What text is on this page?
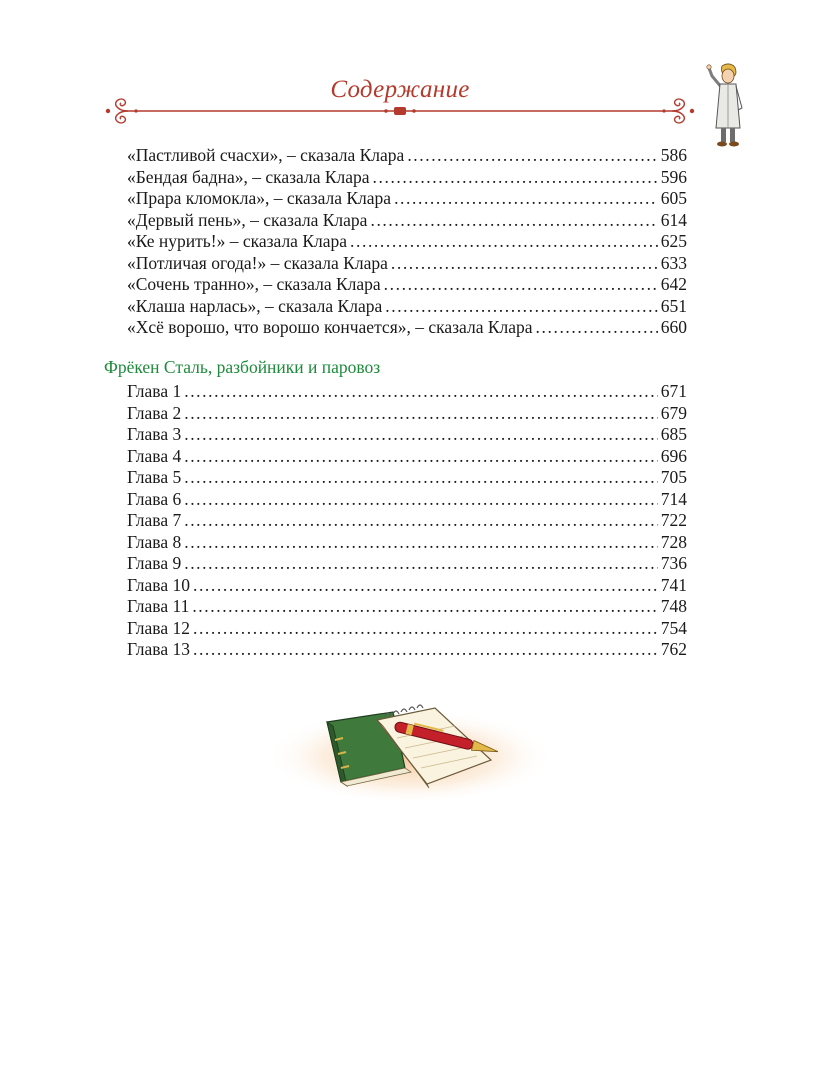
Содержание
«Пастливой счасхи», – сказала Клара .....	586
«Бендая бадна», – сказала Клара .....	596
«Прара кломокла», – сказала Клара .....	605
«Дервый пень», – сказала Клара .....	614
«Ке нурить!» – сказала Клара .....	625
«Потличая огода!» – сказала Клара .....	633
«Сочень транно», – сказала Клара .....	642
«Клаша нарлась», – сказала Клара .....	651
«Хсё ворошо, что ворошо кончается», – сказала Клара .....	660
Фрёкен Сталь, разбойники и паровоз
Глава 1 .....	671
Глава 2 .....	679
Глава 3 .....	685
Глава 4 .....	696
Глава 5 .....	705
Глава 6 .....	714
Глава 7 .....	722
Глава 8 .....	728
Глава 9 .....	736
Глава 10 .....	741
Глава 11 .....	748
Глава 12 .....	754
Глава 13 .....	762
